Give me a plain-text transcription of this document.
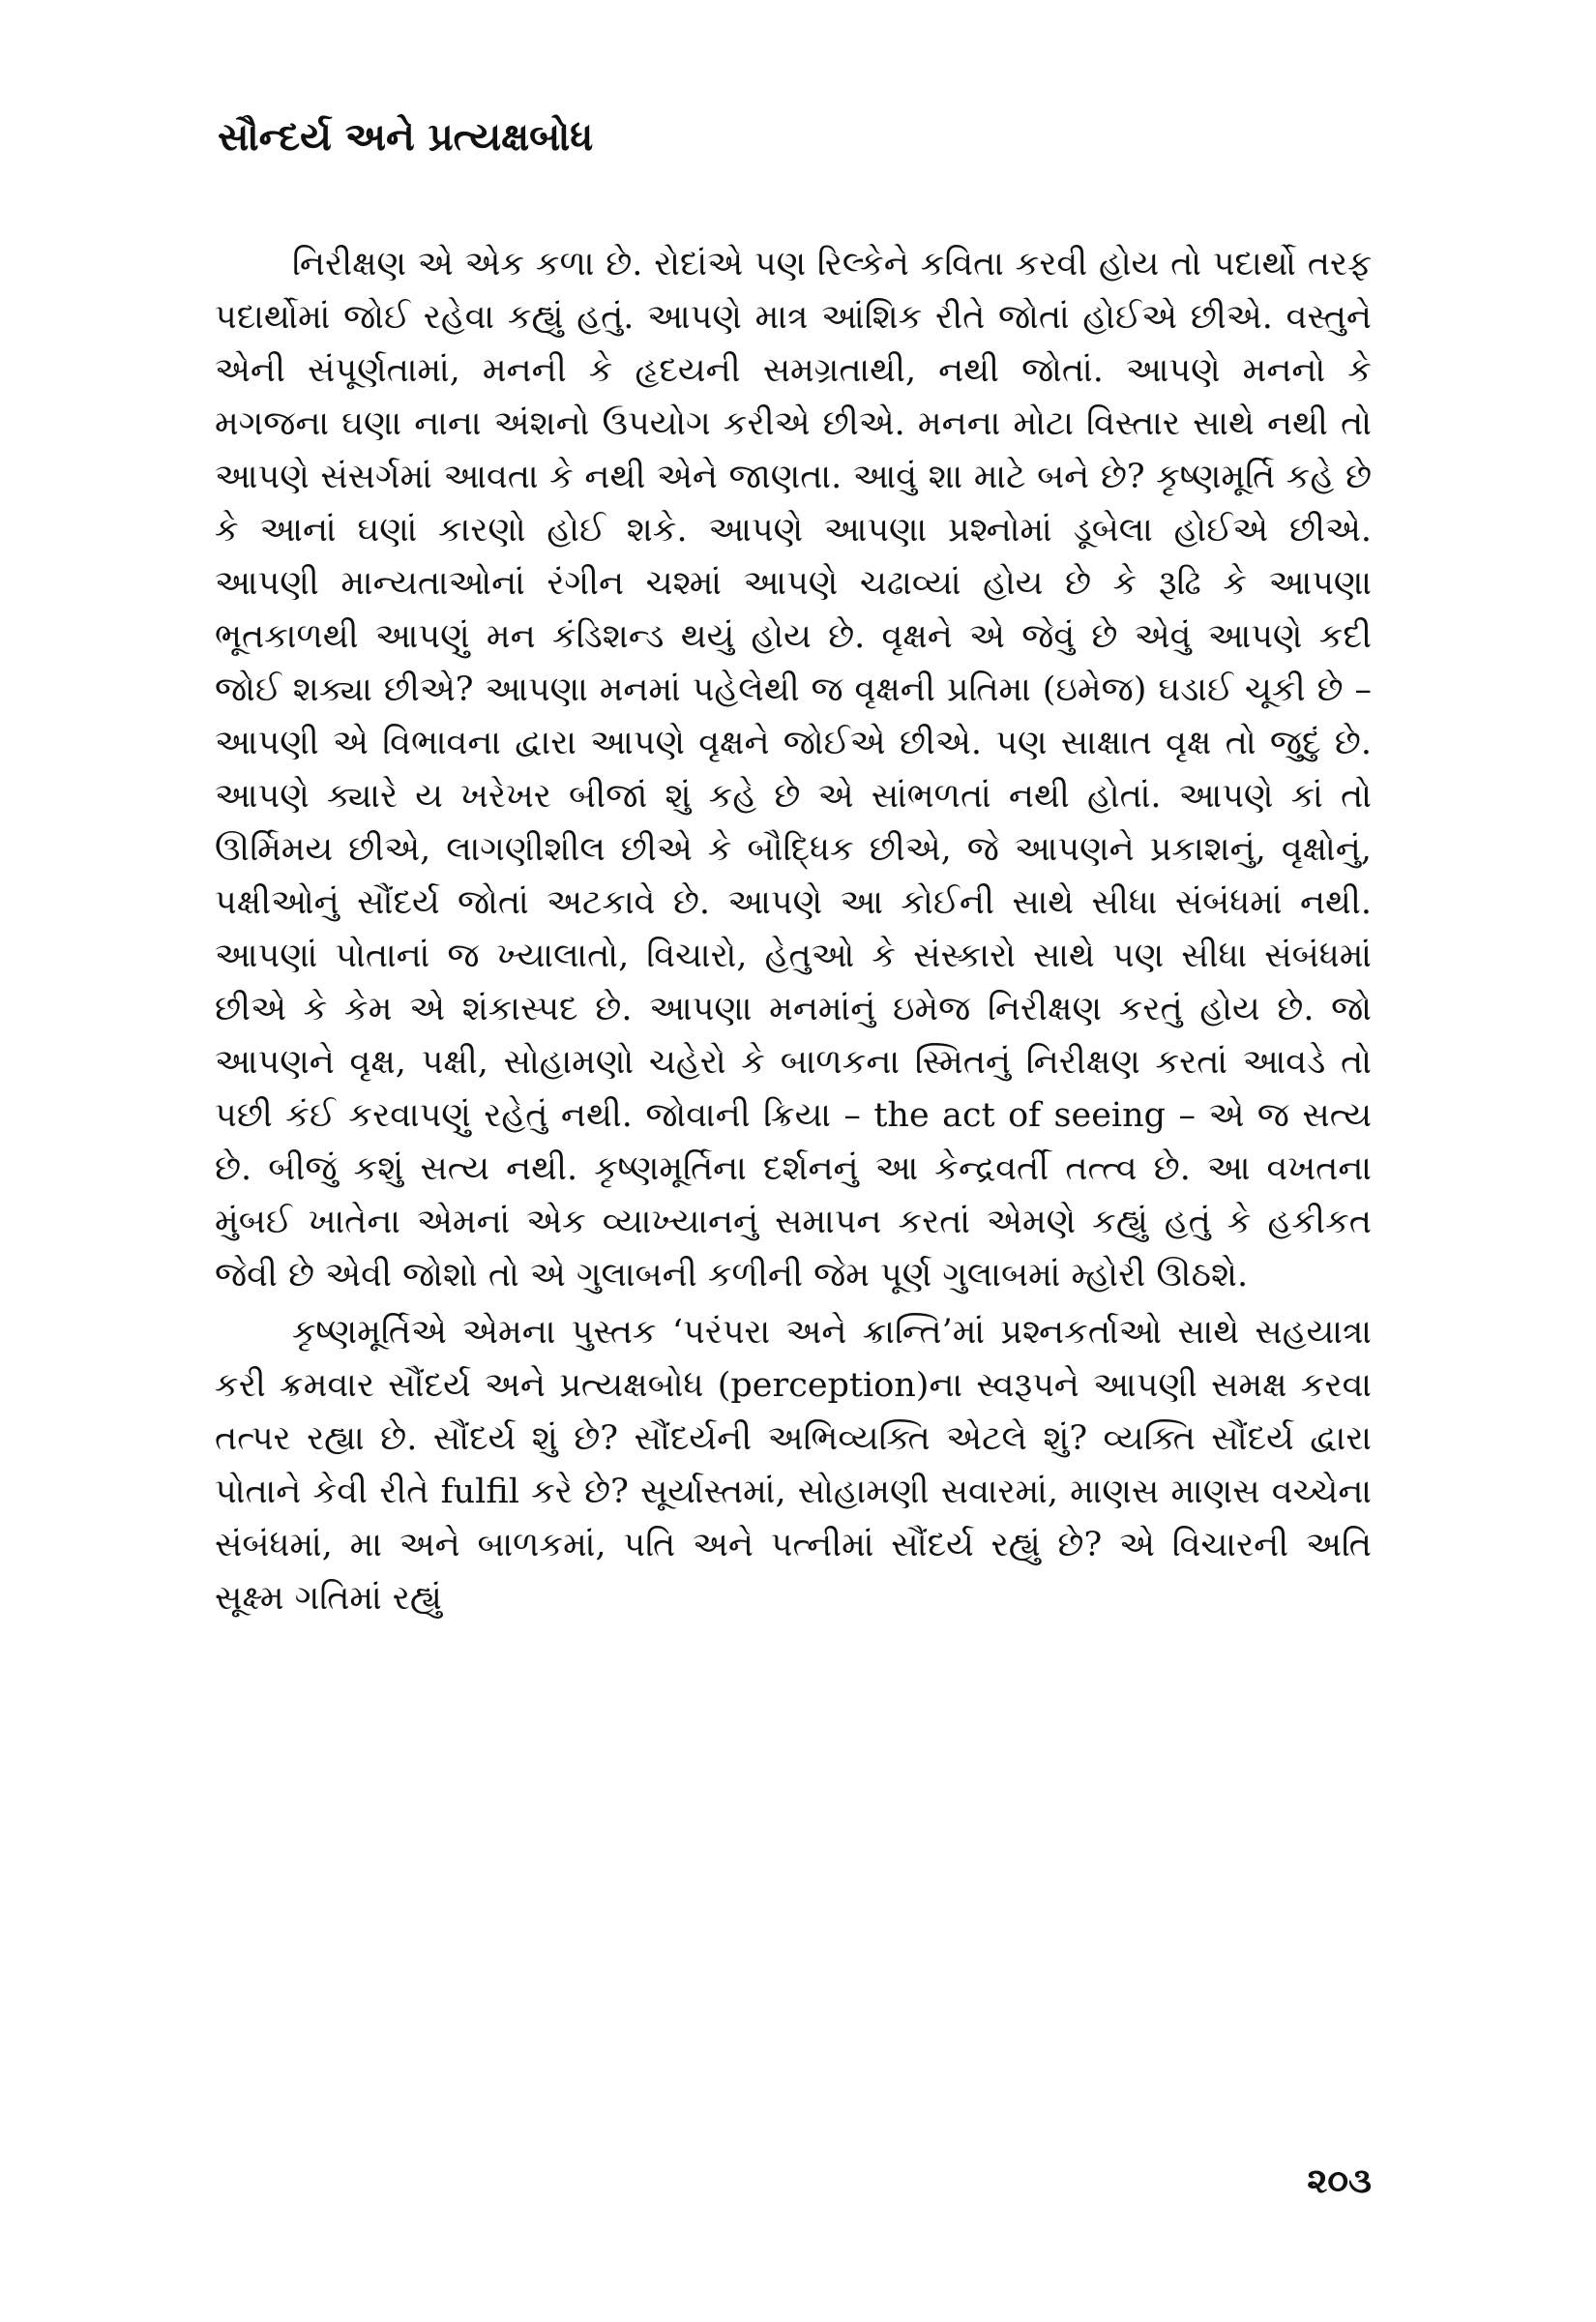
સૌન્દર્ય અને પ્રત્યક્ષબોધ

નિરીક્ષણ એ એક કળા છે. રોદાંએ પણ રિલ્કેને કવિતા કરવી હોય તો પદાર્થો તરફ પદાર્થોમાં જોઈ રહેવા કહ્યું હતું. આપણે માત્ર આંશિક રીતે જોતાં હોઈએ છીએ. વસ્તુને એની સંપૂર્ણતામાં, મનની કે હૃદયની સમગ્રતાથી, નથી જોતાં. આપણે મનનો કે મગજના ઘણા નાના અંશનો ઉપયોગ કરીએ છીએ. મનના મોટા વિસ્તાર સાથે નથી તો આપણે સંસર્ગમાં આવતા કે નથી એને જાણતા. આવું શા માટે બને છે? કૃષ્ણમૂર્તિ કહે છે કે આનાં ઘણાં કારણો હોઈ શકે. આપણે આપણા પ્રશ્નોમાં ડૂબેલા હોઈએ છીએ. આપણી માન્યતાઓનાં રંગીન ચશ્માં આપણે ચઢાવ્યાં હોય છે કે રૂઢિ કે આપણા ભૂતકાળથી આપણું મન કંડિશન્ડ થયું હોય છે. વૃક્ષને એ જેવું છે એવું આપણે કદી જોઈ શક્યા છીએ? આપણા મનમાં પહેલેથી જ વૃક્ષની પ્રતિમા (ઇમેજ) ઘડાઈ ચૂકી છે – આપણી એ વિભાવના દ્વારા આપણે વૃક્ષને જોઈએ છીએ. પણ સાક્ષાત વૃક્ષ તો જુદું છે. આપણે ક્યારે ય ખરેખર બીજાં શું કહે છે એ સાંભળતાં નથી હોતાં. આપણે કાં તો ઊર્મિમય છીએ, લાગણીશીલ છીએ કે બૌદ્ધિક છીએ, જે આપણને પ્રકાશનું, વૃક્ષોનું, પક્ષીઓનું સૌંદર્ય જોતાં અટકાવે છે. આપણે આ કોઈની સાથે સીધા સંબંધમાં નથી. આપણાં પોતાનાં જ ખ્યાલાતો, વિચારો, હેતુઓ કે સંસ્કારો સાથે પણ સીધા સંબંધમાં છીએ કે કેમ એ શંકાસ્પદ છે. આપણા મનમાંનું ઇમેજ નિરીક્ષણ કરતું હોય છે. જો આપણને વૃક્ષ, પક્ષી, સોહામણો ચહેરો કે બાળકના સ્મિતનું નિરીક્ષણ કરતાં આવડે તો પછી કંઈ કરવાપણું રહેતું નથી. જોવાની ક્રિયા – the act of seeing – એ જ સત્ય છે. બીજું કશું સત્ય નથી. કૃષ્ણમૂર્તિના દર્શનનું આ કેન્દ્રવર્તી તત્ત્વ છે. આ વખતના મુંબઈ ખાતેના એમનાં એક વ્યાખ્યાનનું સમાપન કરતાં એમણે કહ્યું હતું કે હકીકત જેવી છે એવી જોશો તો એ ગુલાબની કળીની જેમ પૂર્ણ ગુલાબમાં મ્હોરી ઊઠશે.

કૃષ્ણમૂર્તિએ એમના પુસ્તક ‘પરંપરા અને ક્રાન્તિ’માં પ્રશ્નકર્તાઓ સાથે સહયાત્રા કરી ક્રમવાર સૌંદર્ય અને પ્રત્યક્ષબોધ (perception)ના સ્વરૂપને આપણી સમક્ષ કરવા તત્પર રહ્યા છે. સૌંદર્ય શું છે? સૌંદર્યની અભિવ્યક્તિ એટલે શું? વ્યક્તિ સૌંદર્ય દ્વારા પોતાને કેવી રીતે fulfil કરે છે? સૂર્યાસ્તમાં, સોહામણી સવારમાં, માણસ માણસ વચ્ચેના સંબંધમાં, મા અને બાળકમાં, પતિ અને પત્નીમાં સૌંદર્ય રહ્યું છે? એ વિચારની અતિ સૂક્ષ્મ ગતિમાં રહ્યું

૨૦૩
